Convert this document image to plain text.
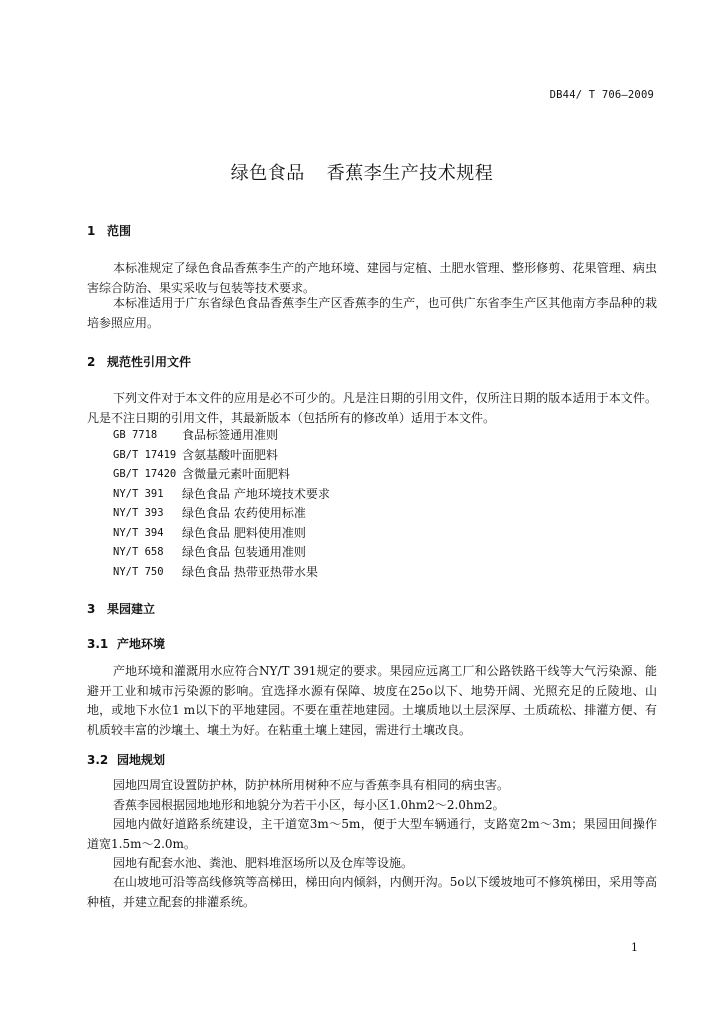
DB44/ T 706—2009
绿色食品 香蕉李生产技术规程
1 范围

本标准规定了绿色食品香蕉李生产的产地环境、建园与定植、土肥水管理、整形修剪、花果管理、病虫害综合防治、果实采收与包装等技术要求。

本标准适用于广东省绿色食品香蕉李生产区香蕉李的生产，也可供广东省李生产区其他南方李品种的栽培参照应用。

2 规范性引用文件

下列文件对于本文件的应用是必不可少的。凡是注日期的引用文件，仅所注日期的版本适用于本文件。凡是不注日期的引用文件，其最新版本（包括所有的修改单）适用于本文件。

GB 7718	食品标签通用准则
GB/T 17419 含氨基酸叶面肥料
GB/T 17420 含微量元素叶面肥料
NY/T 391	绿色食品 产地环境技术要求
NY/T 393	绿色食品 农药使用标准
NY/T 394	绿色食品 肥料使用准则
NY/T 658	绿色食品 包装通用准则
NY/T 750	绿色食品 热带亚热带水果
3 果园建立
3.1 产地环境

产地环境和灌溉用水应符合NY/T 391规定的要求。果园应远离工厂和公路铁路干线等大气污染源、能避开工业和城市污染源的影响。宜选择水源有保障、坡度在25o以下、地势开阔、光照充足的丘陵地、山地，或地下水位1 m以下的平地建园。不要在重茬地建园。土壤质地以土层深厚、土质疏松、排灌方便、有机质较丰富的沙壤土、壤土为好。在粘重土壤上建园，需进行土壤改良。

3.2 园地规划

园地四周宜设置防护林，防护林所用树种不应与香蕉李具有相同的病虫害。

香蕉李园根据园地地形和地貌分为若干小区，每小区1.0hm2～2.0hm2。

园地内做好道路系统建设，主干道宽3m～5m，便于大型车辆通行，支路宽2m～3m；果园田间操作道宽1.5m～2.0m。

园地有配套水池、粪池、肥料堆沤场所以及仓库等设施。

在山坡地可沿等高线修筑等高梯田，梯田向内倾斜，内侧开沟。5o以下缓坡地可不修筑梯田，采用等高种植，并建立配套的排灌系统。

1
